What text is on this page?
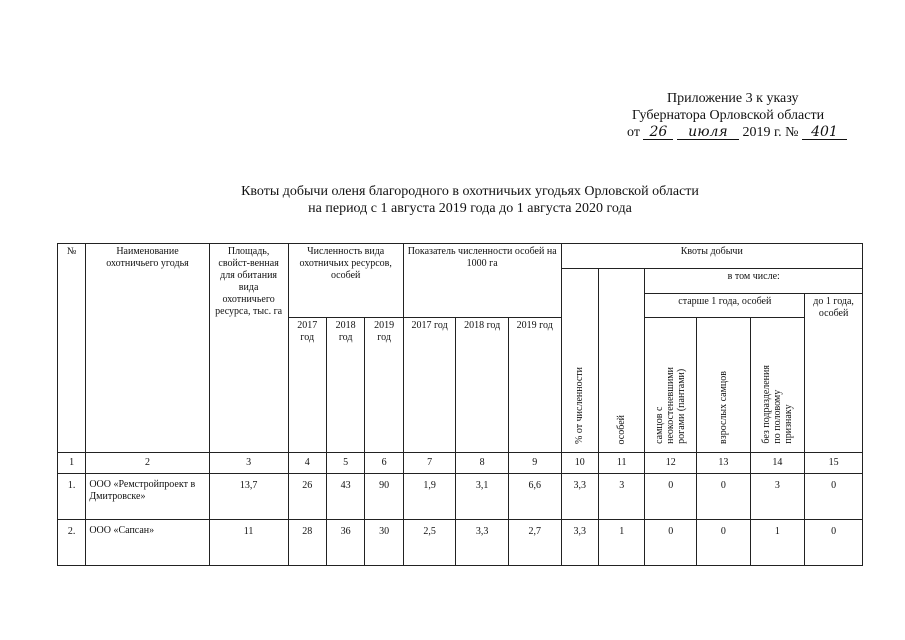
Приложение 3 к указу
Губернатора Орловской области
от 26 июля 2019 г. № 401
Квоты добычи оленя благородного в охотничьих угодьях Орловской области
на период с 1 августа 2019 года до 1 августа 2020 года
№	Наименование охотничьего угодья	Площадь, свойст-венная для обитания вида охотничьего ресурса, тыс. га	Численность вида охотничьих ресурсов, особей			Показатель численности особей на 1000 га			Квоты добычи					
									% от численности	особей	в том числе:			
											старше 1 года, особей			до 1 года, особей
			2017 год	2018 год	2019 год	2017 год	2018 год	2019 год			самцов с
неокостеневшими
рогами (пантами)	взрослых самцов	без подразделения
по половому
признаку	
1	2	3	4	5	6	7	8	9	10	11	12	13	14	15
1.	ООО «Ремстройпроект в Дмитровске»	13,7	26	43	90	1,9	3,1	6,6	3,3	3	0	0	3	0
2.	ООО «Сапсан»	11	28	36	30	2,5	3,3	2,7	3,3	1	0	0	1	0
